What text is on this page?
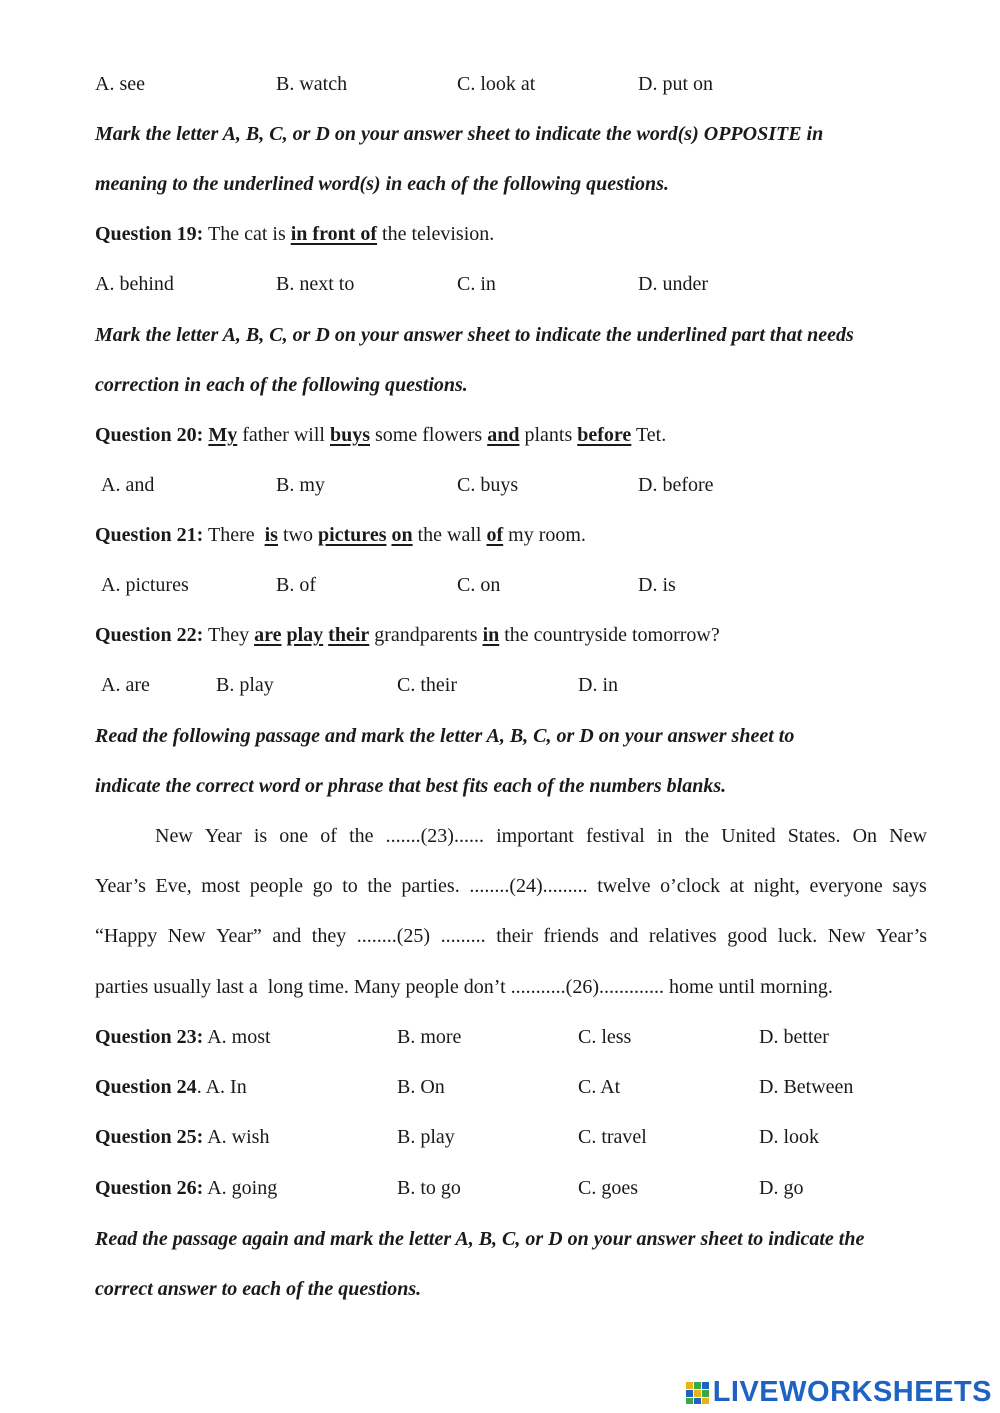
A. see	B. watch	C. look at	D. put on
Mark the letter A, B, C, or D on your answer sheet to indicate the word(s) OPPOSITE in
meaning to the underlined word(s) in each of the following questions.
Question 19: The cat is in front of the television.
A. behind	B. next to	C. in	D. under
Mark the letter A, B, C, or D on your answer sheet to indicate the underlined part that needs
correction in each of the following questions.
Question 20: My father will buys some flowers and plants before Tet.
A. and	B. my	C. buys	D. before
Question 21: There  is two pictures on the wall of my room.
A. pictures	B. of	C. on	D. is
Question 22: They are play their grandparents in the countryside tomorrow?
A. are	B. play	C. their	D. in
Read the following passage and mark the letter A, B, C, or D on your answer sheet to
indicate the correct word or phrase that best fits each of the numbers blanks.
New Year is one of the .......(23)...... important festival in the United States. On New
Year’s Eve, most people go to the parties. ........(24)......... twelve o’clock at night, everyone says
“Happy New Year” and they ........(25) ......... their friends and relatives good luck. New Year’s
parties usually last a  long time. Many people don’t ...........(26)............. home until morning.
Question 23: A. most	B. more	C. less	D. better
Question 24. A. In	B. On	C. At	D. Between
Question 25: A. wish	B. play	C. travel	D. look
Question 26: A. going	B. to go	C. goes	D. go
Read the passage again and mark the letter A, B, C, or D on your answer sheet to indicate the
correct answer to each of the questions.
LIVEWORKSHEETS
